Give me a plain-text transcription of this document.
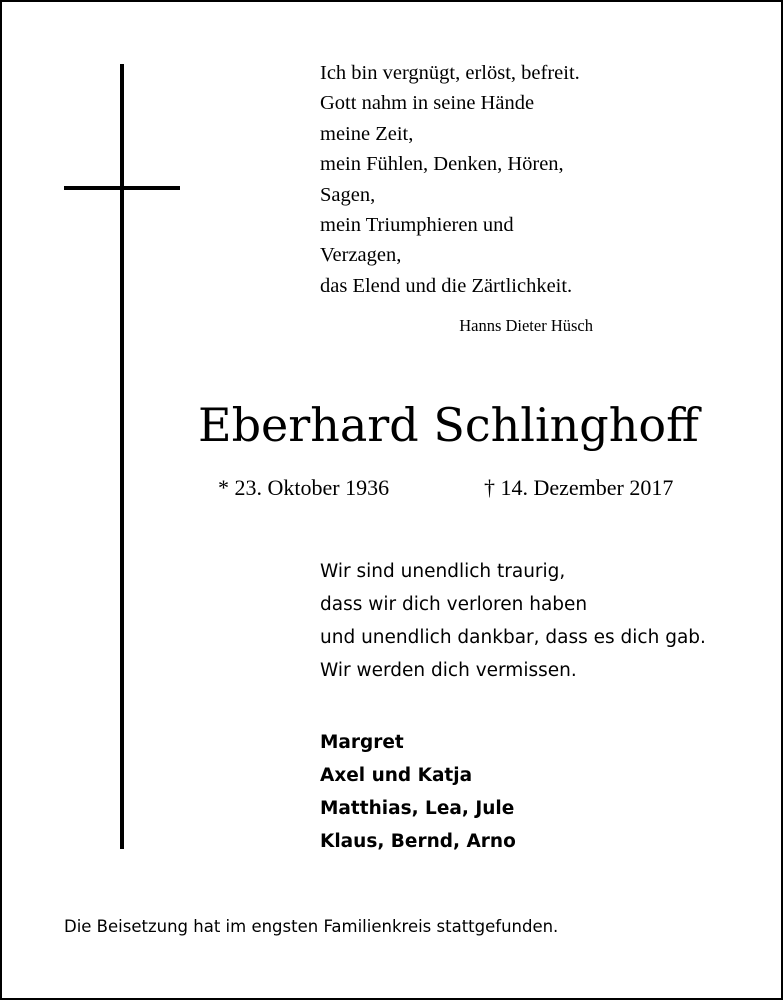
Ich bin vergnügt, erlöst, befreit.
Gott nahm in seine Hände
meine Zeit,
mein Fühlen, Denken, Hören,
Sagen,
mein Triumphieren und
Verzagen,
das Elend und die Zärtlichkeit.
Hanns Dieter Hüsch
Eberhard Schlinghoff
* 23. Oktober 1936	† 14. Dezember 2017
Wir sind unendlich traurig,
dass wir dich verloren haben
und unendlich dankbar, dass es dich gab.
Wir werden dich vermissen.
Margret
Axel und Katja
Matthias, Lea, Jule
Klaus, Bernd, Arno
Die Beisetzung hat im engsten Familienkreis stattgefunden.
